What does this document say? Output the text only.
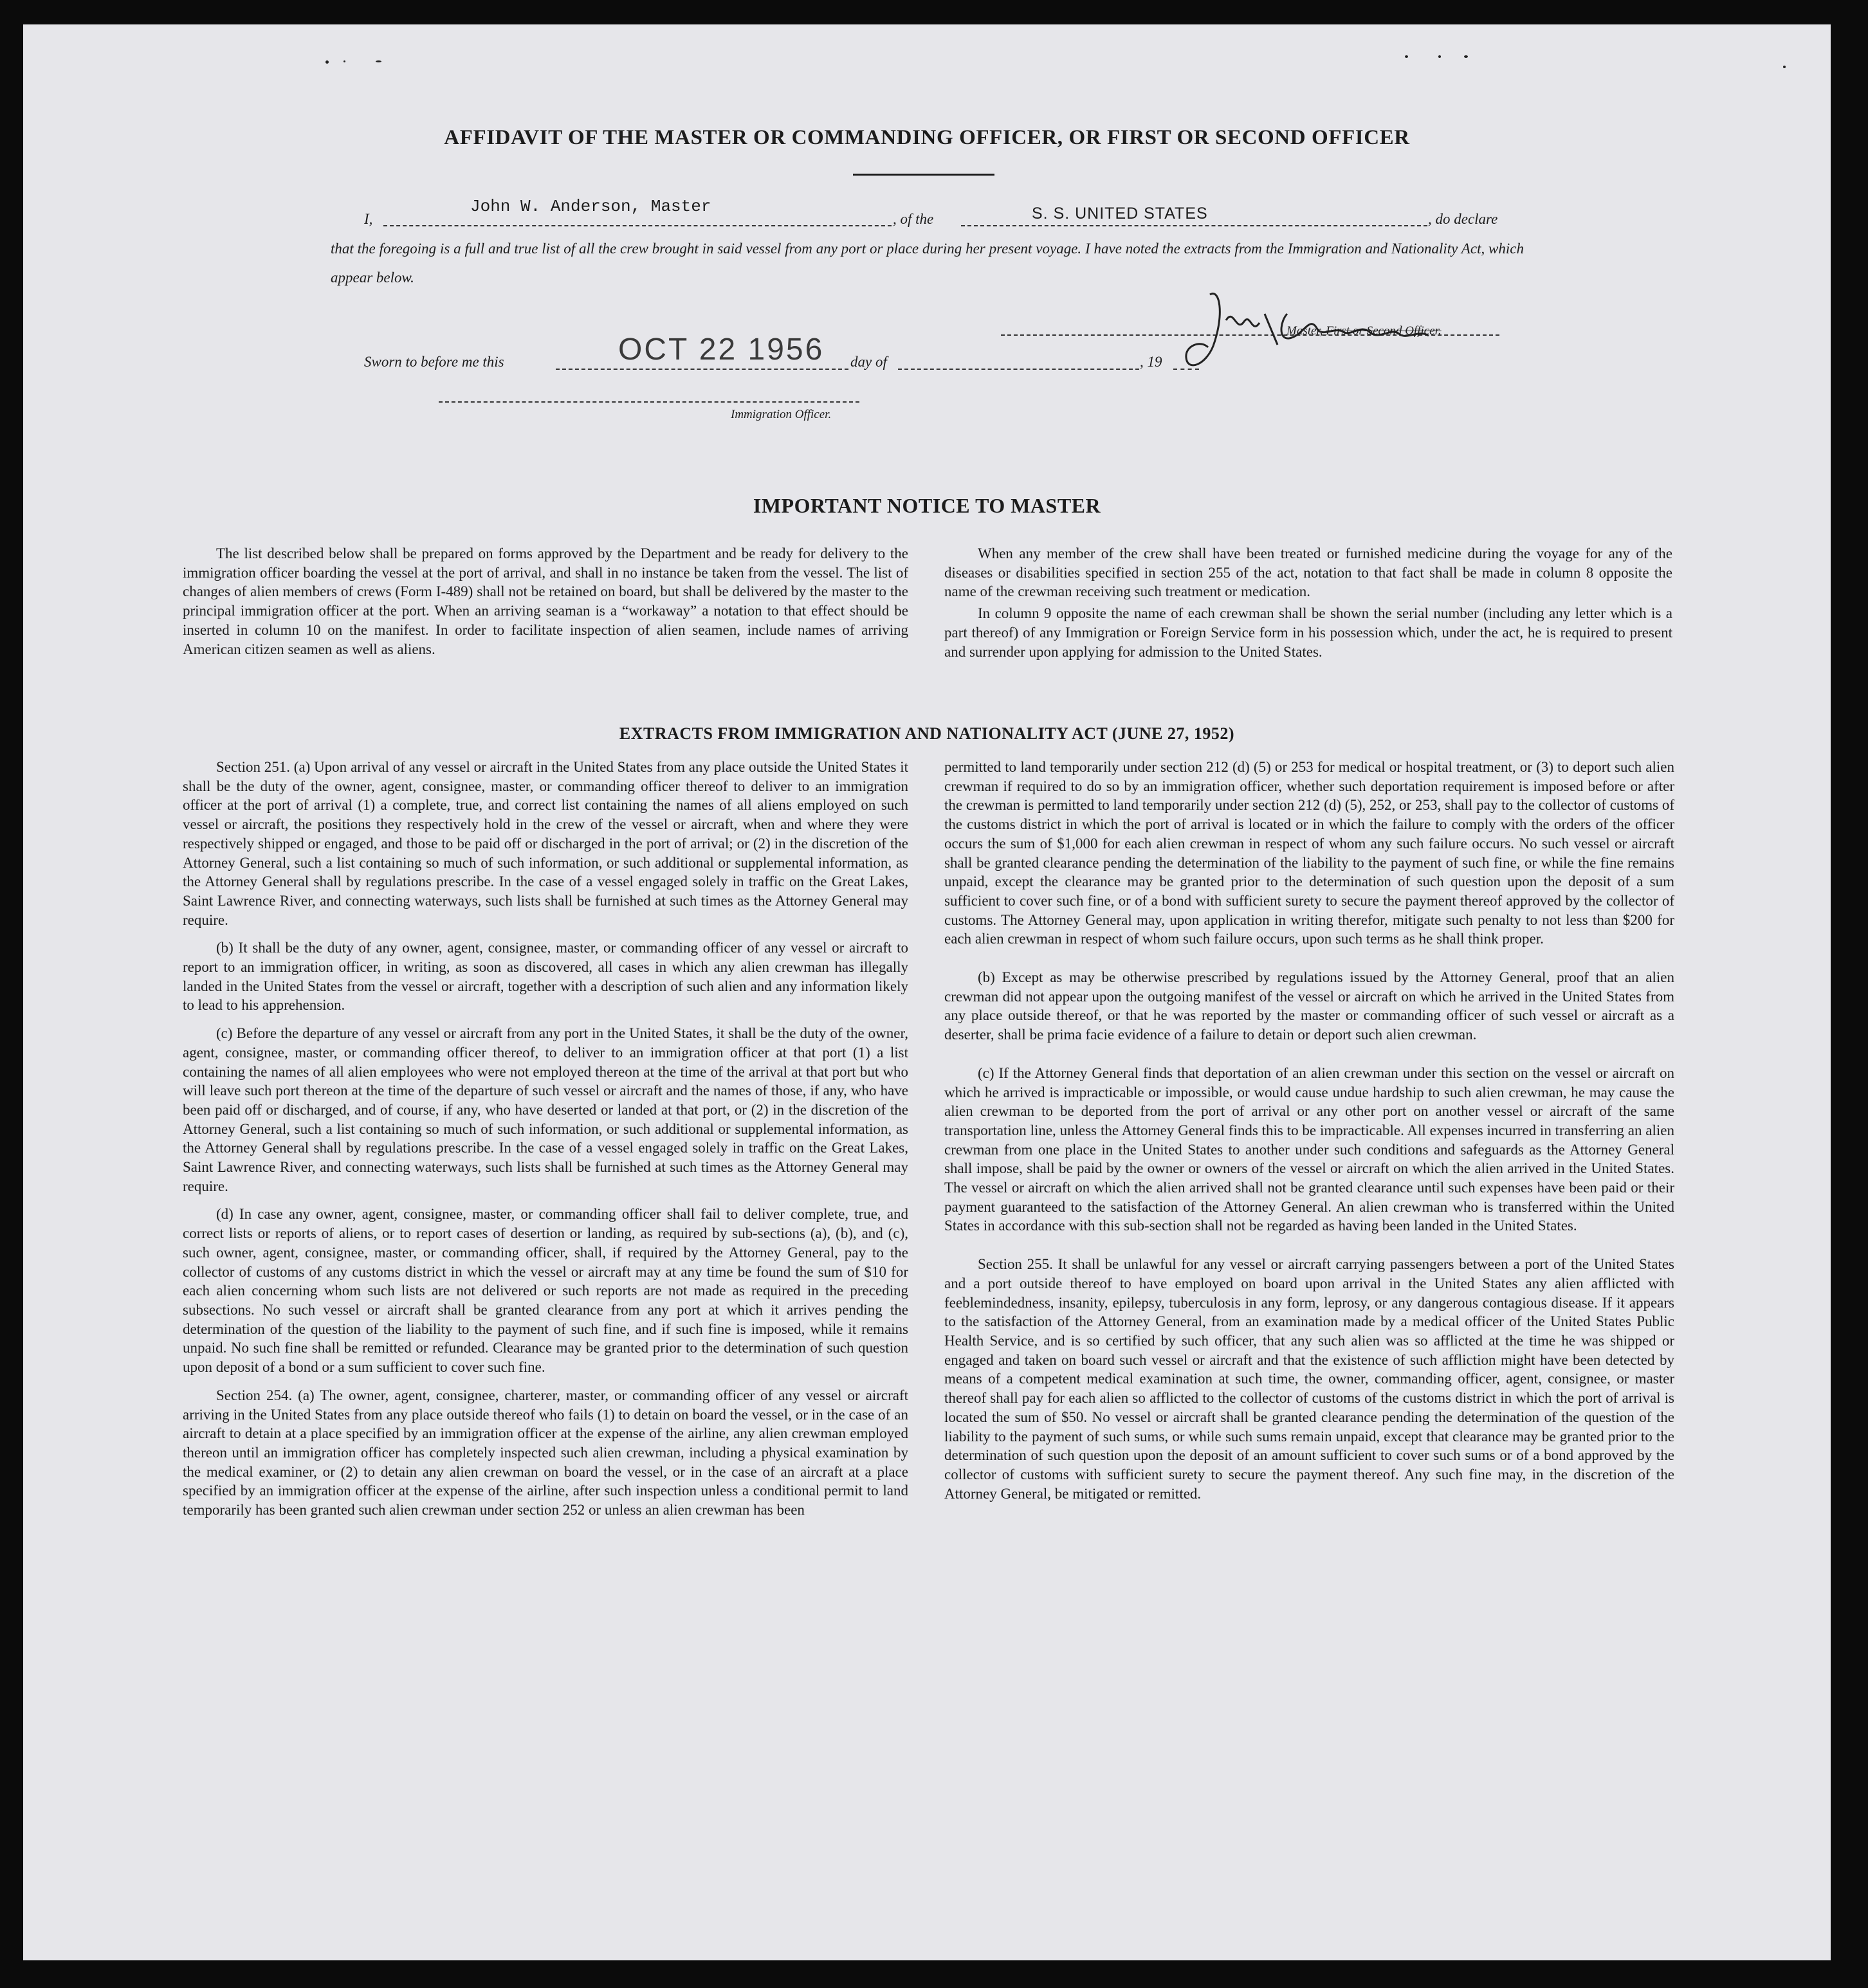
AFFIDAVIT OF THE MASTER OR COMMANDING OFFICER, OR FIRST OR SECOND OFFICER
I,
John W. Anderson, Master
, of the	S. S. UNITED STATES	, do declare
that the foregoing is a full and true list of all the crew brought in said vessel from any port or place during her present voyage. I have noted the extracts from the Immigration and Nationality Act, which appear below.
Master, First or Second Officer.
Sworn to before me this	OCT 22 1956 day of	, 19
Immigration Officer.
IMPORTANT NOTICE TO MASTER

The list described below shall be prepared on forms approved by the Department and be ready for delivery to the immigration officer boarding the vessel at the port of arrival, and shall in no instance be taken from the vessel. The list of changes of alien members of crews (Form I-489) shall not be retained on board, but shall be delivered by the master to the principal immigration officer at the port. When an arriving seaman is a “workaway” a notation to that effect should be inserted in column 10 on the manifest. In order to facilitate inspection of alien seamen, include names of arriving American citizen seamen as well as aliens.

When any member of the crew shall have been treated or furnished medicine during the voyage for any of the diseases or disabilities specified in section 255 of the act, notation to that fact shall be made in column 8 opposite the name of the crewman receiving such treatment or medication.

In column 9 opposite the name of each crewman shall be shown the serial number (including any letter which is a part thereof) of any Immigration or Foreign Service form in his possession which, under the act, he is required to present and surrender upon applying for admission to the United States.

EXTRACTS FROM IMMIGRATION AND NATIONALITY ACT (JUNE 27, 1952)

Section 251. (a) Upon arrival of any vessel or aircraft in the United States from any place outside the United States it shall be the duty of the owner, agent, consignee, master, or commanding officer thereof to deliver to an immigration officer at the port of arrival (1) a complete, true, and correct list containing the names of all aliens employed on such vessel or aircraft, the positions they respectively hold in the crew of the vessel or aircraft, when and where they were respectively shipped or engaged, and those to be paid off or discharged in the port of arrival; or (2) in the discretion of the Attorney General, such a list containing so much of such information, or such additional or supplemental information, as the Attorney General shall by regulations prescribe. In the case of a vessel engaged solely in traffic on the Great Lakes, Saint Lawrence River, and connecting waterways, such lists shall be furnished at such times as the Attorney General may require.

(b) It shall be the duty of any owner, agent, consignee, master, or commanding officer of any vessel or aircraft to report to an immigration officer, in writing, as soon as discovered, all cases in which any alien crewman has illegally landed in the United States from the vessel or aircraft, together with a description of such alien and any information likely to lead to his apprehension.

(c) Before the departure of any vessel or aircraft from any port in the United States, it shall be the duty of the owner, agent, consignee, master, or commanding officer thereof, to deliver to an immigration officer at that port (1) a list containing the names of all alien employees who were not employed thereon at the time of the arrival at that port but who will leave such port thereon at the time of the departure of such vessel or aircraft and the names of those, if any, who have been paid off or discharged, and of course, if any, who have deserted or landed at that port, or (2) in the discretion of the Attorney General, such a list containing so much of such information, or such additional or supplemental information, as the Attorney General shall by regulations prescribe. In the case of a vessel engaged solely in traffic on the Great Lakes, Saint Lawrence River, and connecting waterways, such lists shall be furnished at such times as the Attorney General may require.

(d) In case any owner, agent, consignee, master, or commanding officer shall fail to deliver complete, true, and correct lists or reports of aliens, or to report cases of desertion or landing, as required by sub-sections (a), (b), and (c), such owner, agent, consignee, master, or commanding officer, shall, if required by the Attorney General, pay to the collector of customs of any customs district in which the vessel or aircraft may at any time be found the sum of $10 for each alien concerning whom such lists are not delivered or such reports are not made as required in the preceding subsections. No such vessel or aircraft shall be granted clearance from any port at which it arrives pending the determination of the question of the liability to the payment of such fine, and if such fine is imposed, while it remains unpaid. No such fine shall be remitted or refunded. Clearance may be granted prior to the determination of such question upon deposit of a bond or a sum sufficient to cover such fine.

Section 254. (a) The owner, agent, consignee, charterer, master, or commanding officer of any vessel or aircraft arriving in the United States from any place outside thereof who fails (1) to detain on board the vessel, or in the case of an aircraft to detain at a place specified by an immigration officer at the expense of the airline, any alien crewman employed thereon until an immigration officer has completely inspected such alien crewman, including a physical examination by the medical examiner, or (2) to detain any alien crewman on board the vessel, or in the case of an aircraft at a place specified by an immigration officer at the expense of the airline, after such inspection unless a conditional permit to land temporarily has been granted such alien crewman under section 252 or unless an alien crewman has been

permitted to land temporarily under section 212 (d) (5) or 253 for medical or hospital treatment, or (3) to deport such alien crewman if required to do so by an immigration officer, whether such deportation requirement is imposed before or after the crewman is permitted to land temporarily under section 212 (d) (5), 252, or 253, shall pay to the collector of customs of the customs district in which the port of arrival is located or in which the failure to comply with the orders of the officer occurs the sum of $1,000 for each alien crewman in respect of whom any such failure occurs. No such vessel or aircraft shall be granted clearance pending the determination of the liability to the payment of such fine, or while the fine remains unpaid, except the clearance may be granted prior to the determination of such question upon the deposit of a sum sufficient to cover such fine, or of a bond with sufficient surety to secure the payment thereof approved by the collector of customs. The Attorney General may, upon application in writing therefor, mitigate such penalty to not less than $200 for each alien crewman in respect of whom such failure occurs, upon such terms as he shall think proper.

(b) Except as may be otherwise prescribed by regulations issued by the Attorney General, proof that an alien crewman did not appear upon the outgoing manifest of the vessel or aircraft on which he arrived in the United States from any place outside thereof, or that he was reported by the master or commanding officer of such vessel or aircraft as a deserter, shall be prima facie evidence of a failure to detain or deport such alien crewman.

(c) If the Attorney General finds that deportation of an alien crewman under this section on the vessel or aircraft on which he arrived is impracticable or impossible, or would cause undue hardship to such alien crewman, he may cause the alien crewman to be deported from the port of arrival or any other port on another vessel or aircraft of the same transportation line, unless the Attorney General finds this to be impracticable. All expenses incurred in transferring an alien crewman from one place in the United States to another under such conditions and safeguards as the Attorney General shall impose, shall be paid by the owner or owners of the vessel or aircraft on which the alien arrived in the United States. The vessel or aircraft on which the alien arrived shall not be granted clearance until such expenses have been paid or their payment guaranteed to the satisfaction of the Attorney General. An alien crewman who is transferred within the United States in accordance with this sub-section shall not be regarded as having been landed in the United States.

Section 255. It shall be unlawful for any vessel or aircraft carrying passengers between a port of the United States and a port outside thereof to have employed on board upon arrival in the United States any alien afflicted with feeblemindedness, insanity, epilepsy, tuberculosis in any form, leprosy, or any dangerous contagious disease. If it appears to the satisfaction of the Attorney General, from an examination made by a medical officer of the United States Public Health Service, and is so certified by such officer, that any such alien was so afflicted at the time he was shipped or engaged and taken on board such vessel or aircraft and that the existence of such affliction might have been detected by means of a competent medical examination at such time, the owner, commanding officer, agent, consignee, or master thereof shall pay for each alien so afflicted to the collector of customs of the customs district in which the port of arrival is located the sum of $50. No vessel or aircraft shall be granted clearance pending the determination of the question of the liability to the payment of such sums, or while such sums remain unpaid, except that clearance may be granted prior to the determination of such question upon the deposit of an amount sufficient to cover such sums or of a bond approved by the collector of customs with sufficient surety to secure the payment thereof. Any such fine may, in the discretion of the Attorney General, be mitigated or remitted.
